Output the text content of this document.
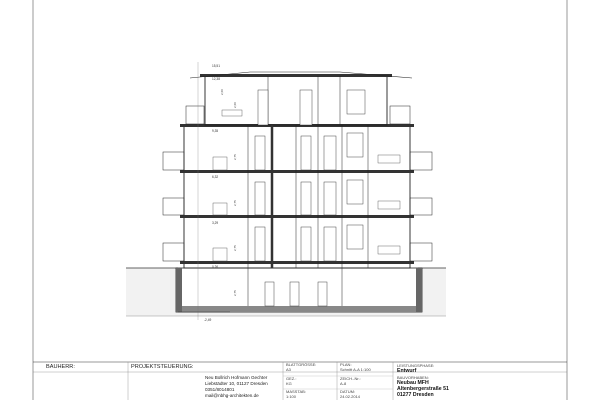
15,51
12,38
9,35
6,32
3,29
0,26
-2,49
2,60
2,75
2,75
2,75
2,75
2,60
BAUHERR:	PROJEKTSTEUERUNG:
Neu Bollrich Hofmann Gechter
Liebstädter 10, 01127 Dresden
0351/8014801
mail@nbhg-architekten.de
BLATTGRÖSSE:
A3
GEZ.:
KG
MASSTAB:
1:100
PLAN:
Schnitt A-A 1:100
ZEICH.-Nr.:
A-8
DATUM:
24.02.2014
LEISTUNGSPHASE:
Entwurf
BAUVORHABEN:
Neubau MFH
Altenbergerstraße 51
01277 Dresden
